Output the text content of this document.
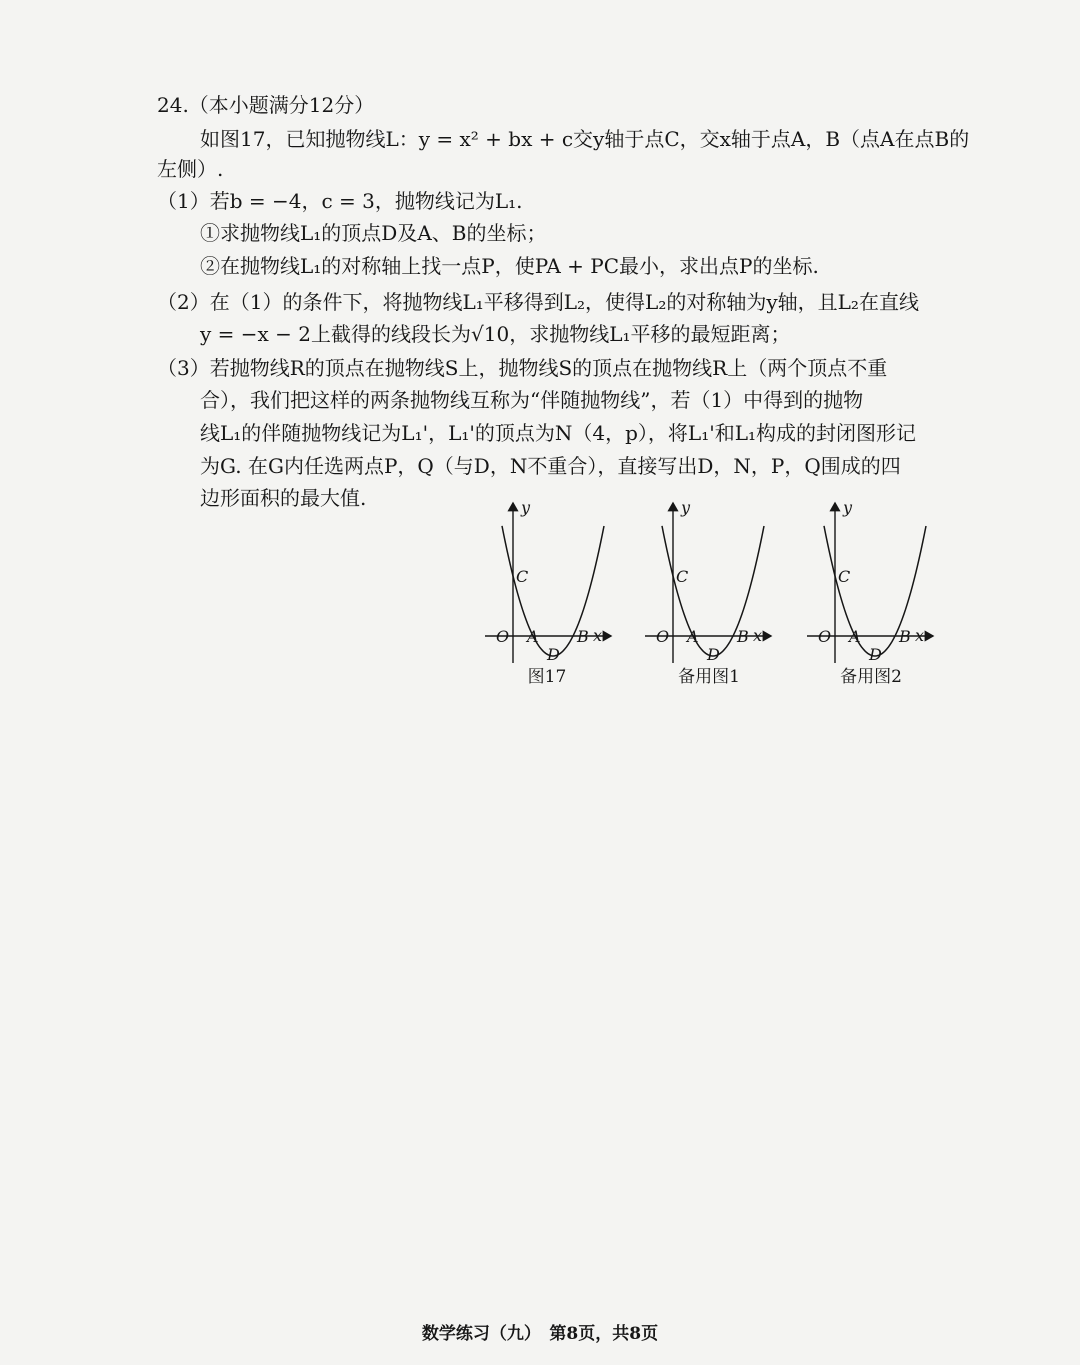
24.（本小题满分12分）
如图17，已知抛物线L：y = x² + bx + c交y轴于点C，交x轴于点A，B（点A在点B的
左侧）.
（1）若b = −4，c = 3，抛物线记为L₁.
①求抛物线L₁的顶点D及A、B的坐标；
②在抛物线L₁的对称轴上找一点P，使PA + PC最小，求出点P的坐标.
（2）在（1）的条件下，将抛物线L₁平移得到L₂，使得L₂的对称轴为y轴，且L₂在直线
y = −x − 2上截得的线段长为√10，求抛物线L₁平移的最短距离；
（3）若抛物线R的顶点在抛物线S上，抛物线S的顶点在抛物线R上（两个顶点不重
合），我们把这样的两条抛物线互称为“伴随抛物线”，若（1）中得到的抛物
线L₁的伴随抛物线记为L₁'，L₁'的顶点为N（4，p），将L₁'和L₁构成的封闭图形记
为G. 在G内任选两点P，Q（与D，N不重合），直接写出D，N，P，Q围成的四
边形面积的最大值.	y
x
O A B
C
D
y
x
O A B
C
D
y
x
O A B
C
D
图17	备用图1	备用图2
数学练习（九）　第8页，共8页
